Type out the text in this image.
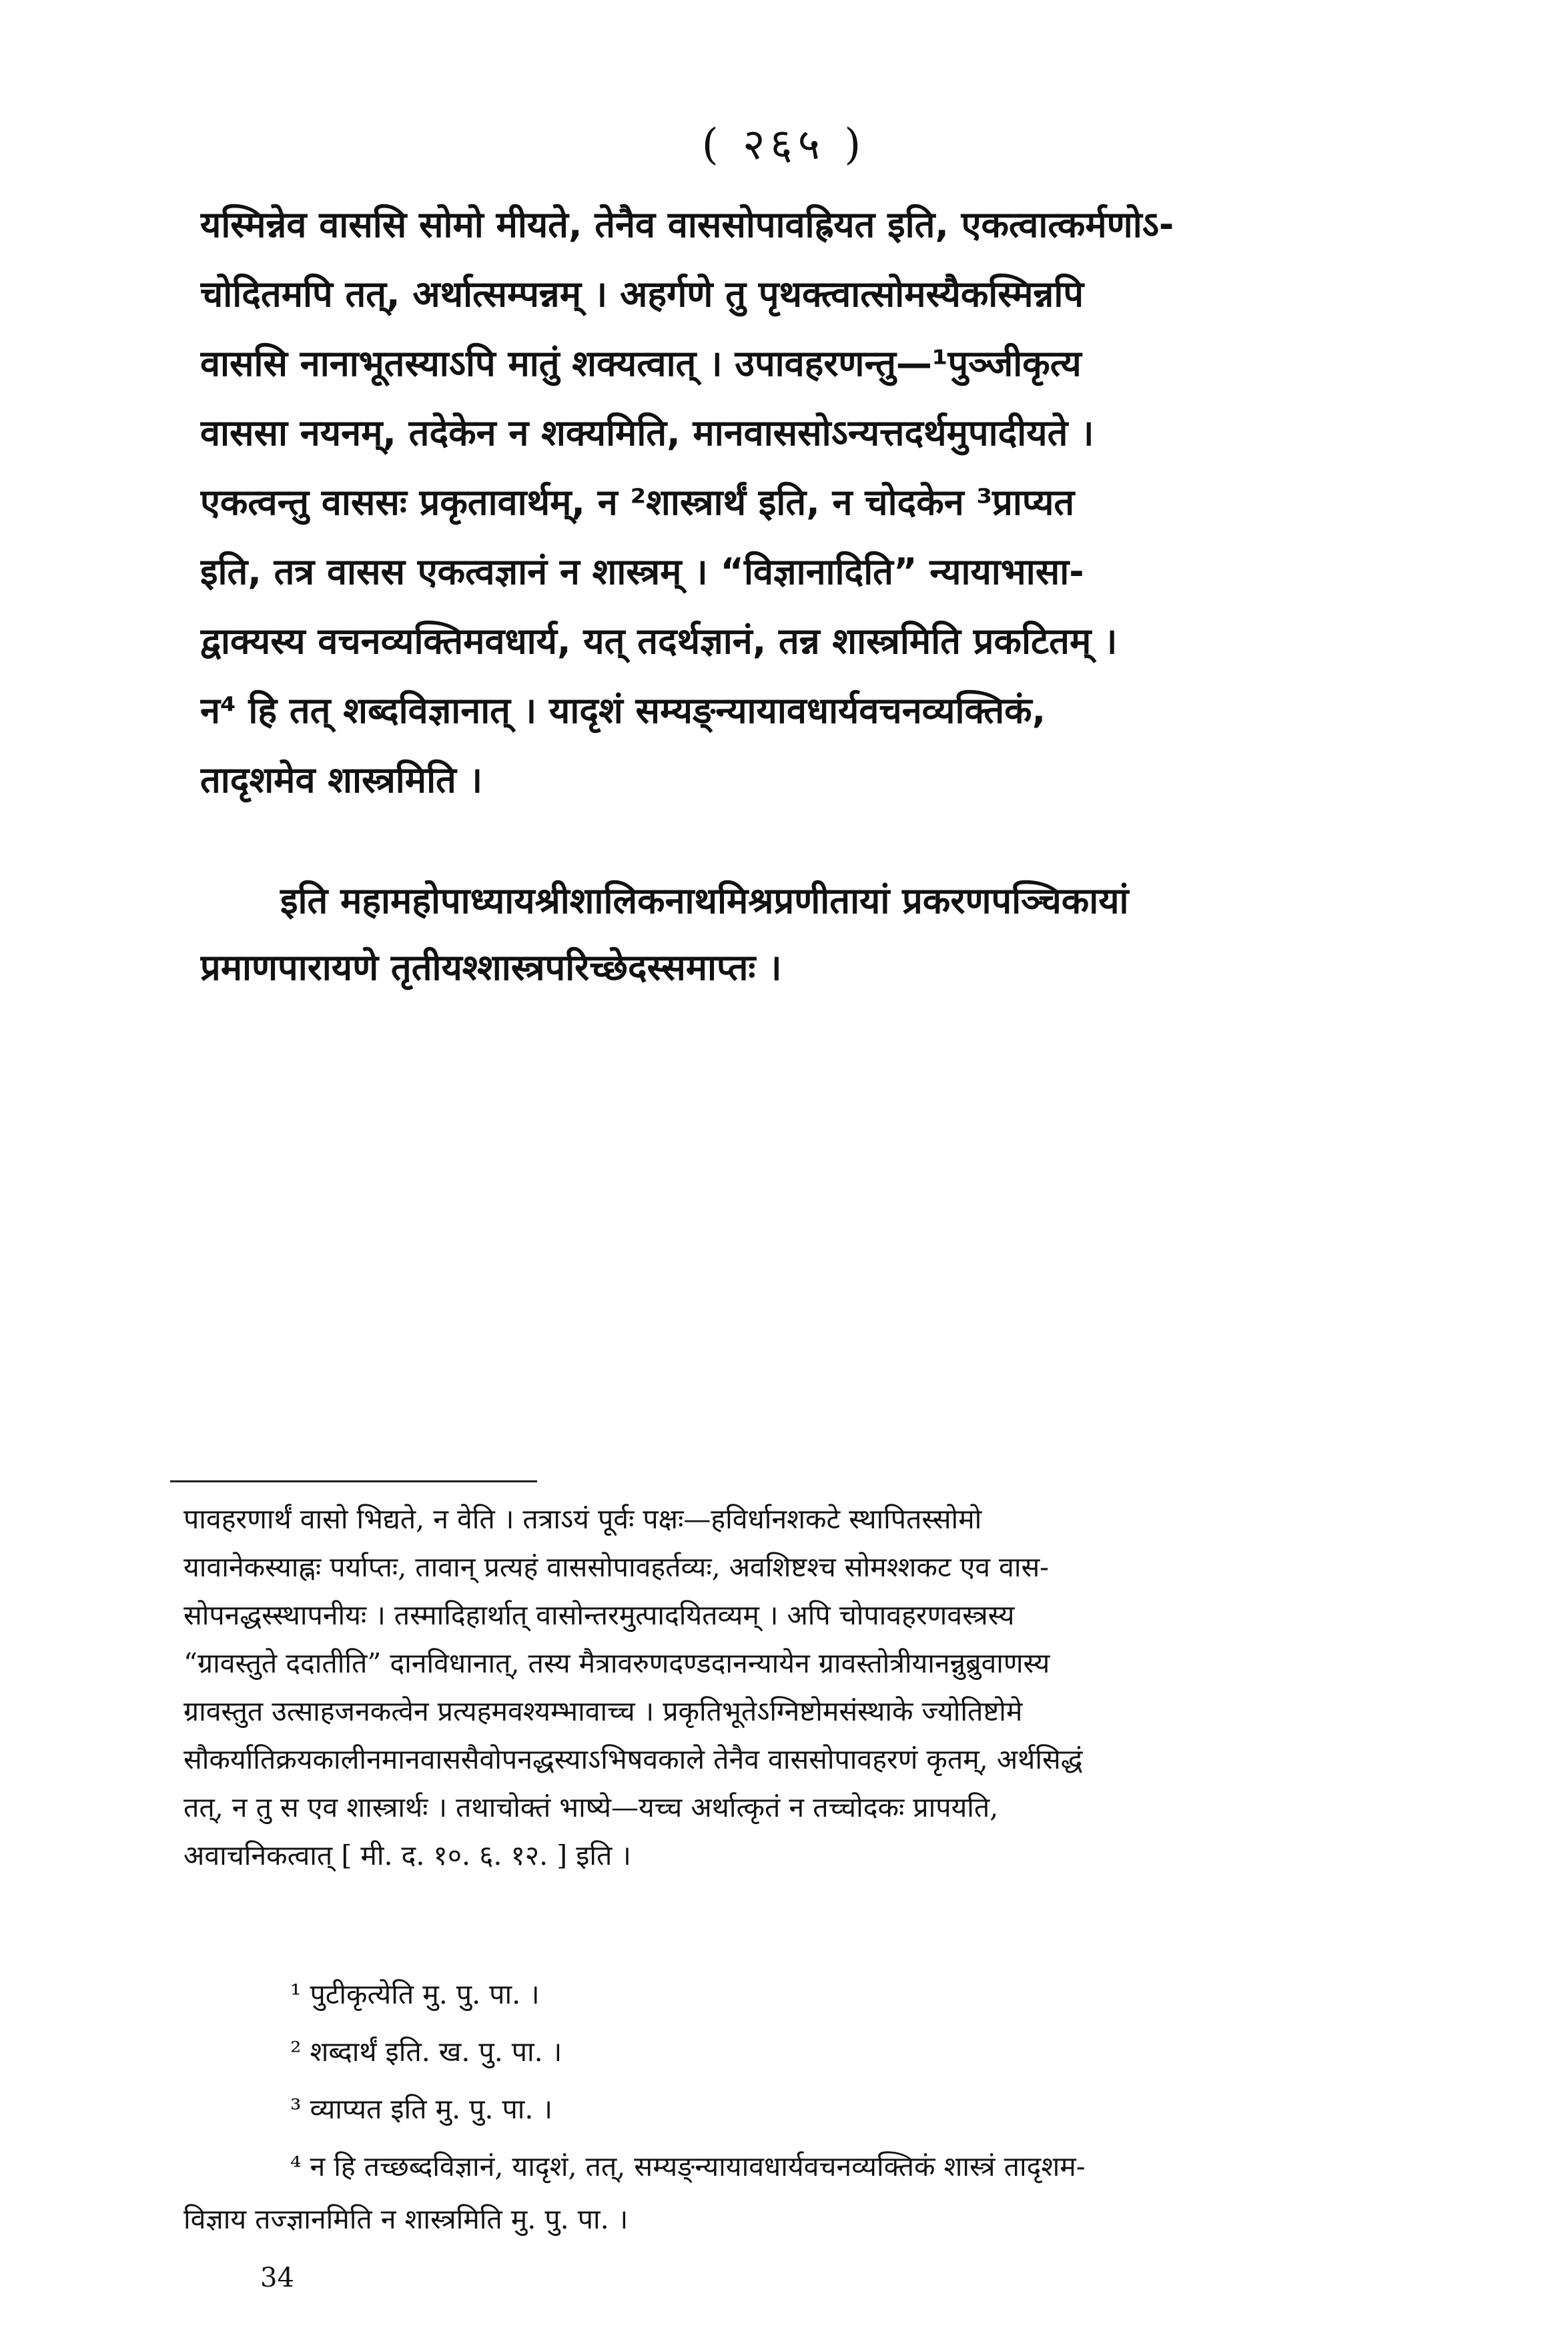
( २६५ )
यस्मिन्नेव वाससि सोमो मीयते, तेनैव वाससोपावह्रियत इति, एकत्वात्कर्मणोऽ-
चोदितमपि तत्, अर्थात्सम्पन्नम् । अहर्गणे तु पृथक्त्वात्सोमस्यैकस्मिन्नपि
वाससि नानाभूतस्याऽपि मातुं शक्यत्वात् । उपावहरणन्तु—¹पुञ्जीकृत्य
वाससा नयनम्, तदेकेन न शक्यमिति, मानवाससोऽन्यत्तदर्थमुपादीयते ।
एकत्वन्तु वाससः प्रकृतावार्थम्, न ²शास्त्रार्थं इति, न चोदकेन ³प्राप्यत
इति, तत्र वासस एकत्वज्ञानं न शास्त्रम् । “विज्ञानादिति” न्यायाभासा-
द्वाक्यस्य वचनव्यक्तिमवधार्य, यत् तदर्थज्ञानं, तन्न शास्त्रमिति प्रकटितम् ।
न⁴ हि तत् शब्दविज्ञानात् । यादृशं सम्यङ्न्यायावधार्यवचनव्यक्तिकं,
तादृशमेव शास्त्रमिति ।
इति महामहोपाध्यायश्रीशालिकनाथमिश्रप्रणीतायां प्रकरणपञ्चिकायां
प्रमाणपारायणे तृतीयश्शास्त्रपरिच्छेदस्समाप्तः ।
पावहरणार्थं वासो भिद्यते, न वेति । तत्राऽयं पूर्वः पक्षः—हविर्धानशकटे स्थापितस्सोमो
यावानेकस्याह्नः पर्याप्तः, तावान् प्रत्यहं वाससोपावहर्तव्यः, अवशिष्टश्च सोमश्शकट एव वास-
सोपनद्धस्स्थापनीयः । तस्मादिहार्थात् वासोन्तरमुत्पादयितव्यम् । अपि चोपावहरणवस्त्रस्य
“ग्रावस्तुते ददातीति” दानविधानात्, तस्य मैत्रावरुणदण्डदानन्यायेन ग्रावस्तोत्रीयानन्नुब्रुवाणस्य
ग्रावस्तुत उत्साहजनकत्वेन प्रत्यहमवश्यम्भावाच्च । प्रकृतिभूतेऽग्निष्टोमसंस्थाके ज्योतिष्टोमे
सौकर्यातिक्रयकालीनमानवाससैवोपनद्धस्याऽभिषवकाले तेनैव वाससोपावहरणं कृतम्, अर्थसिद्धं
तत्, न तु स एव शास्त्रार्थः । तथाचोक्तं भाष्ये—यच्च अर्थात्कृतं न तच्चोदकः प्रापयति,
अवाचनिकत्वात् [ मी. द. १०. ६. १२. ] इति ।
¹ पुटीकृत्येति मु. पु. पा. ।
² शब्दार्थं इति. ख. पु. पा. ।
³ व्याप्यत इति मु. पु. पा. ।
⁴ न हि तच्छब्दविज्ञानं, यादृशं, तत्, सम्यङ्न्यायावधार्यवचनव्यक्तिकं शास्त्रं तादृशम-
विज्ञाय तज्ज्ञानमिति न शास्त्रमिति मु. पु. पा. ।
34
